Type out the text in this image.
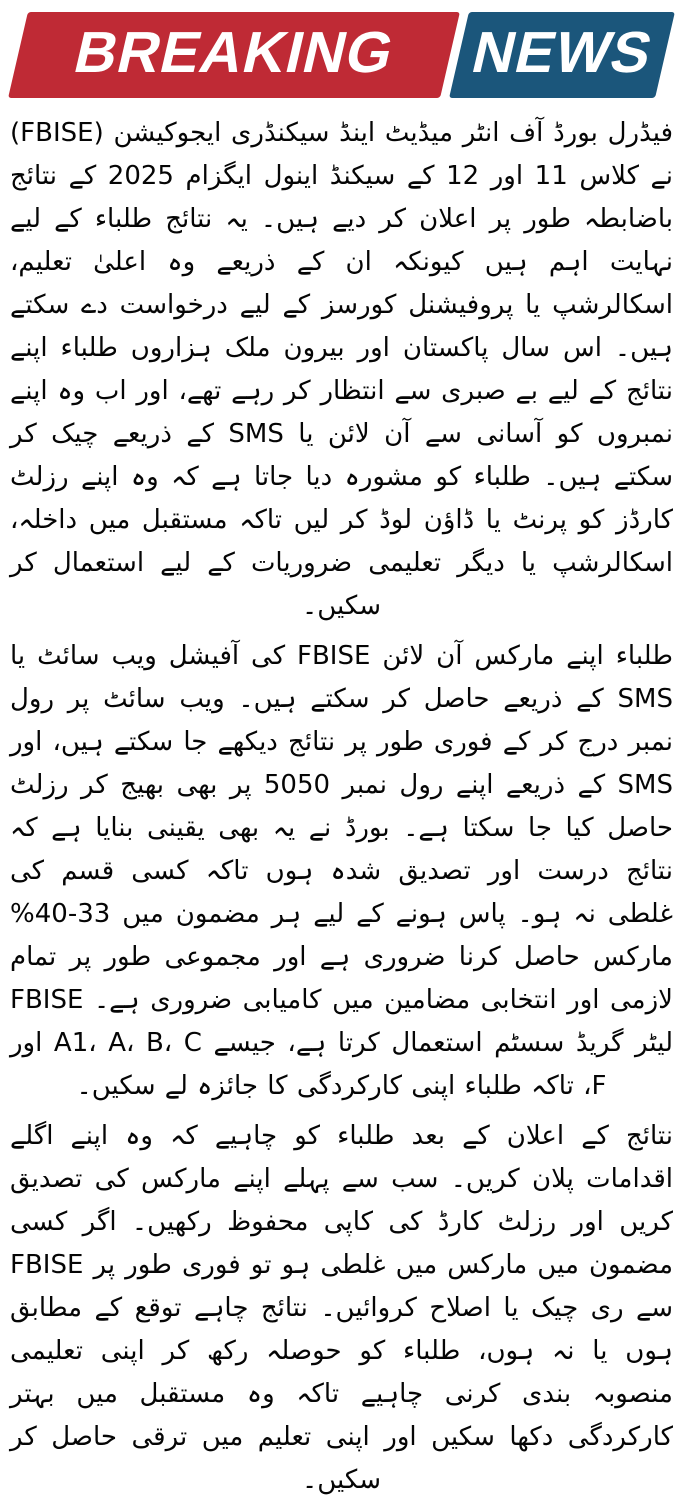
BREAKING NEWS

فیڈرل بورڈ آف انٹر میڈیٹ اینڈ سیکنڈری ایجوکیشن (FBISE) نے کلاس 11 اور 12 کے سیکنڈ اینول ایگزام 2025 کے نتائج باضابطہ طور پر اعلان کر دیے ہیں۔ یہ نتائج طلباء کے لیے نہایت اہم ہیں کیونکہ ان کے ذریعے وہ اعلیٰ تعلیم، اسکالرشپ یا پروفیشنل کورسز کے لیے درخواست دے سکتے ہیں۔ اس سال پاکستان اور بیرون ملک ہزاروں طلباء اپنے نتائج کے لیے بے صبری سے انتظار کر رہے تھے، اور اب وہ اپنے نمبروں کو آسانی سے آن لائن یا SMS کے ذریعے چیک کر سکتے ہیں۔ طلباء کو مشورہ دیا جاتا ہے کہ وہ اپنے رزلٹ کارڈز کو پرنٹ یا ڈاؤن لوڈ کر لیں تاکہ مستقبل میں داخلہ، اسکالرشپ یا دیگر تعلیمی ضروریات کے لیے استعمال کر سکیں۔

طلباء اپنے مارکس آن لائن FBISE کی آفیشل ویب سائٹ یا SMS کے ذریعے حاصل کر سکتے ہیں۔ ویب سائٹ پر رول نمبر درج کر کے فوری طور پر نتائج دیکھے جا سکتے ہیں، اور SMS کے ذریعے اپنے رول نمبر 5050 پر بھی بھیج کر رزلٹ حاصل کیا جا سکتا ہے۔ بورڈ نے یہ بھی یقینی بنایا ہے کہ نتائج درست اور تصدیق شدہ ہوں تاکہ کسی قسم کی غلطی نہ ہو۔ پاس ہونے کے لیے ہر مضمون میں 33-40% مارکس حاصل کرنا ضروری ہے اور مجموعی طور پر تمام لازمی اور انتخابی مضامین میں کامیابی ضروری ہے۔ FBISE لیٹر گریڈ سسٹم استعمال کرتا ہے، جیسے A1، A، B، C اور F، تاکہ طلباء اپنی کارکردگی کا جائزہ لے سکیں۔

نتائج کے اعلان کے بعد طلباء کو چاہیے کہ وہ اپنے اگلے اقدامات پلان کریں۔ سب سے پہلے اپنے مارکس کی تصدیق کریں اور رزلٹ کارڈ کی کاپی محفوظ رکھیں۔ اگر کسی مضمون میں مارکس میں غلطی ہو تو فوری طور پر FBISE سے ری چیک یا اصلاح کروائیں۔ نتائج چاہے توقع کے مطابق ہوں یا نہ ہوں، طلباء کو حوصلہ رکھ کر اپنی تعلیمی منصوبہ بندی کرنی چاہیے تاکہ وہ مستقبل میں بہتر کارکردگی دکھا سکیں اور اپنی تعلیم میں ترقی حاصل کر سکیں۔
